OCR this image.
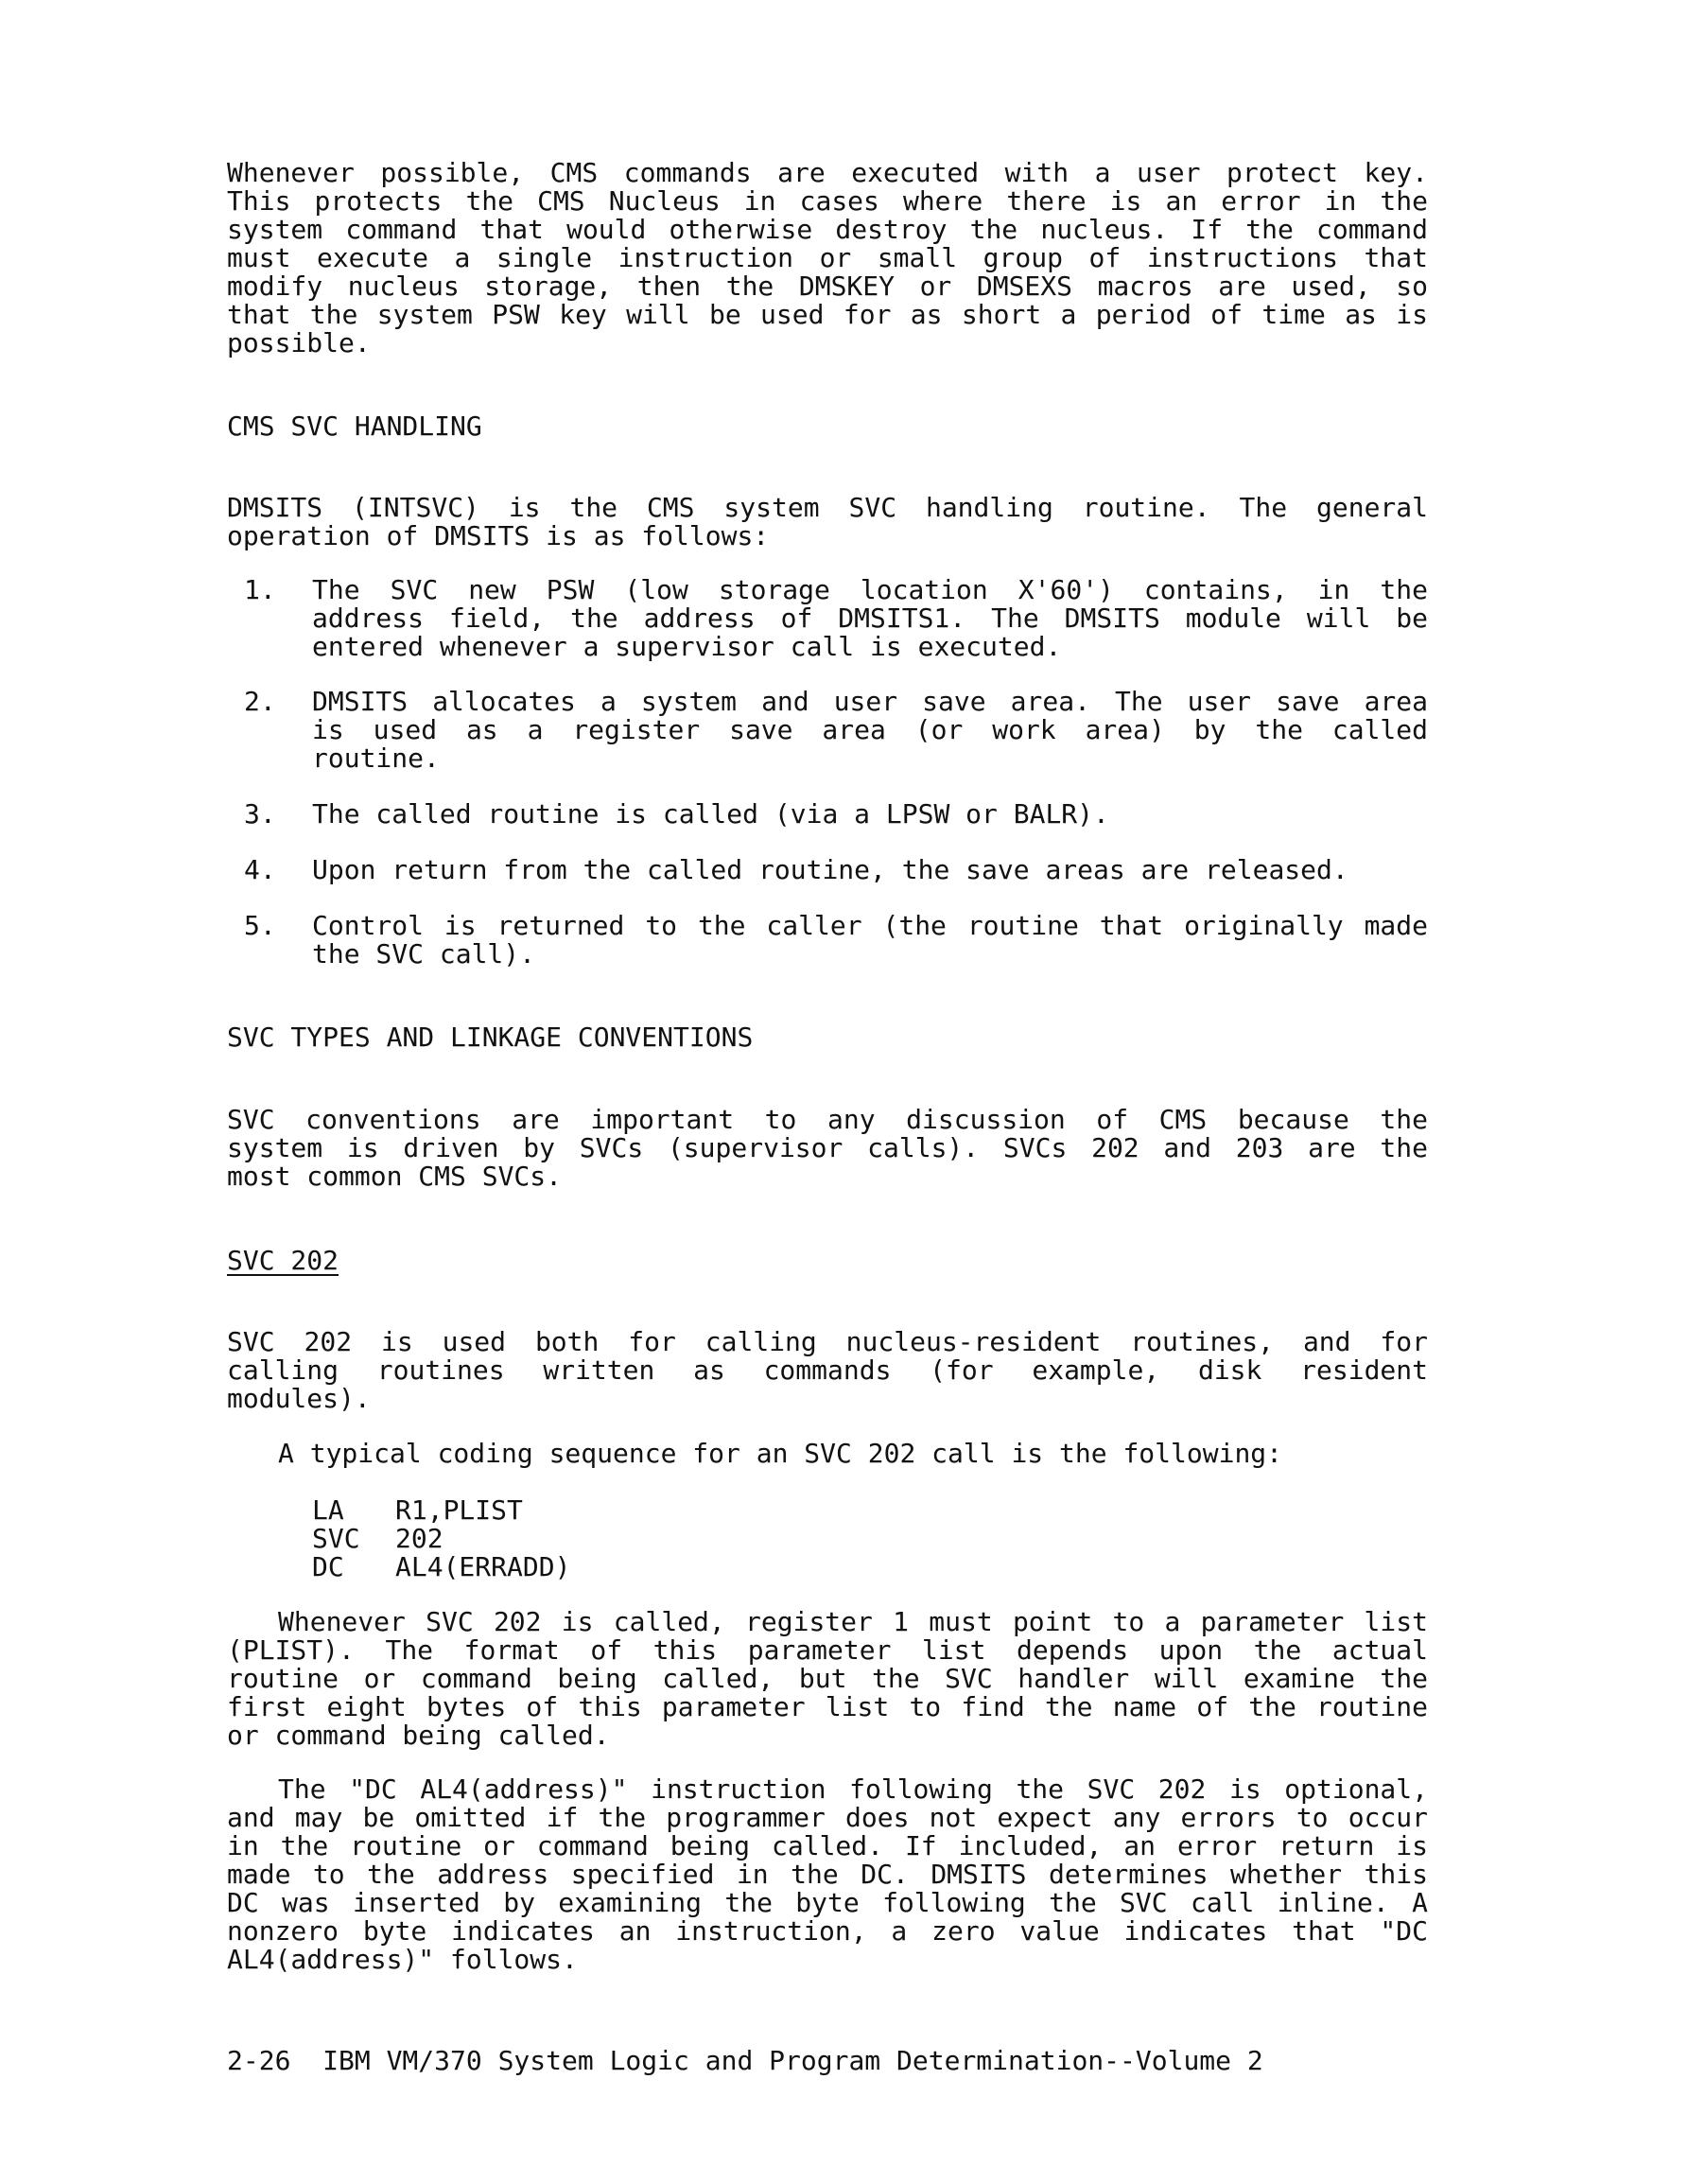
Whenever possible, CMS commands are executed with a user protect key.
This protects the CMS Nucleus in cases where there is an error in the
system command that would otherwise destroy the nucleus. If the command
must execute a single instruction or small group of instructions that
modify nucleus storage, then the DMSKEY or DMSEXS macros are used, so
that the system PSW key will be used for as short a period of time as is
possible.
CMS SVC HANDLING
DMSITS (INTSVC) is the CMS system SVC handling routine. The general
operation of DMSITS is as follows:
1.	The SVC new PSW (low storage location X'60') contains, in the
address field, the address of DMSITS1. The DMSITS module will be
entered whenever a supervisor call is executed.
2.	DMSITS allocates a system and user save area. The user save area
is used as a register save area (or work area) by the called
routine.
3.	The called routine is called (via a LPSW or BALR).
4.	Upon return from the called routine, the save areas are released.
5.	Control is returned to the caller (the routine that originally made
the SVC call).
SVC TYPES AND LINKAGE CONVENTIONS
SVC conventions are important to any discussion of CMS because the
system is driven by SVCs (supervisor calls). SVCs 202 and 203 are the
most common CMS SVCs.
SVC 202
SVC 202 is used both for calling nucleus-resident routines, and for
calling routines written as commands (for example, disk resident
modules).
A typical coding sequence for an SVC 202 call is the following:
LA R1,PLIST
SVC 202
DC AL4(ERRADD)
Whenever SVC 202 is called, register 1 must point to a parameter list
(PLIST). The format of this parameter list depends upon the actual
routine or command being called, but the SVC handler will examine the
first eight bytes of this parameter list to find the name of the routine
or command being called.
The "DC AL4(address)" instruction following the SVC 202 is optional,
and may be omitted if the programmer does not expect any errors to occur
in the routine or command being called. If included, an error return is
made to the address specified in the DC. DMSITS determines whether this
DC was inserted by examining the byte following the SVC call inline. A
nonzero byte indicates an instruction, a zero value indicates that "DC
AL4(address)" follows.
2-26  IBM VM/370 System Logic and Program Determination--Volume 2
